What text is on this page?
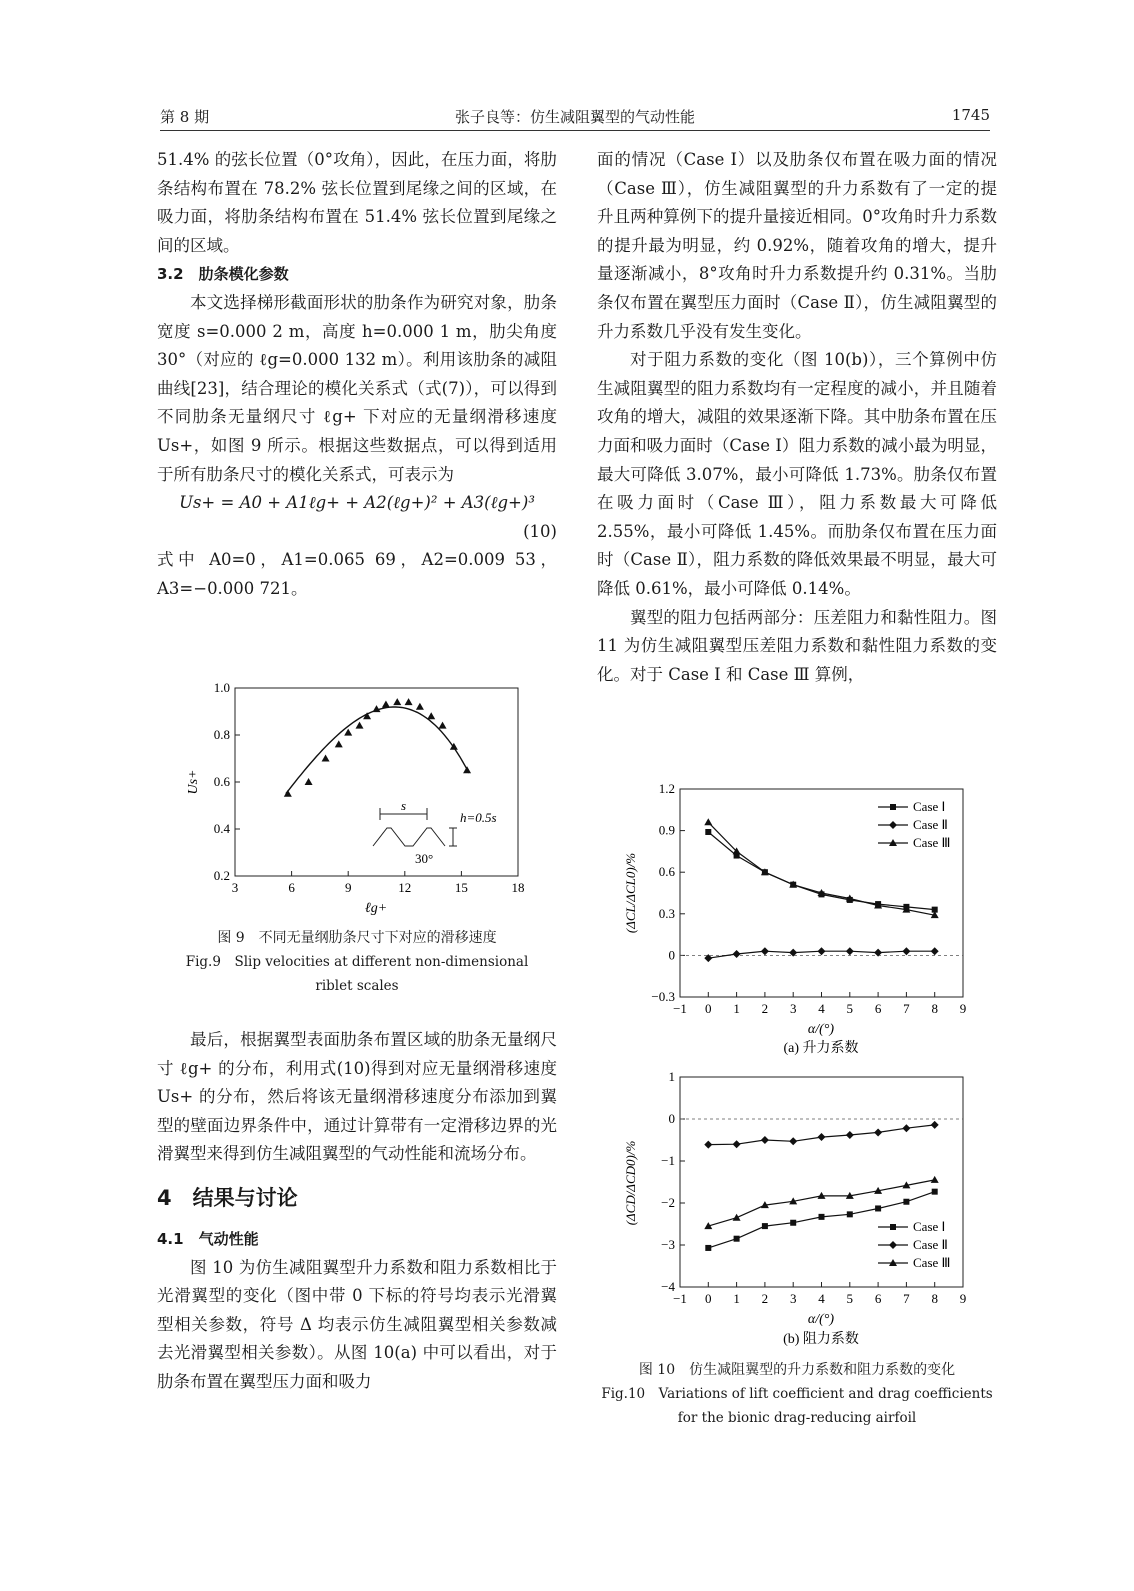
第 8 期	张子良等：仿生减阻翼型的气动性能	1745

51.4% 的弦长位置（0°攻角），因此，在压力面，将肋条结构布置在 78.2% 弦长位置到尾缘之间的区域，在吸力面，将肋条结构布置在 51.4% 弦长位置到尾缘之间的区域。

3.2　肋条模化参数

本文选择梯形截面形状的肋条作为研究对象，肋条宽度 s=0.000 2 m，高度 h=0.000 1 m，肋尖角度 30°（对应的 ℓg=0.000 132 m）。利用该肋条的减阻曲线[23]，结合理论的模化关系式（式(7)），可以得到不同肋条无量纲尺寸 ℓg+ 下对应的无量纲滑移速度 Us+，如图 9 所示。根据这些数据点，可以得到适用于所有肋条尺寸的模化关系式，可表示为

Us+ = A0 + A1ℓg+ + A2(ℓg+)² + A3(ℓg+)³
(10)

式中 A0=0，A1=0.065 69，A2=0.009 53，A3=−0.000 721。

3	6	9	12	15	18
0.2
0.4
0.6
0.8
1.0
Us+
ℓg+
s
h=0.5s
30°
图 9　不同无量纲肋条尺寸下对应的滑移速度
Fig.9　Slip velocities at different non-dimensional
riblet scales

最后，根据翼型表面肋条布置区域的肋条无量纲尺寸 ℓg+ 的分布，利用式(10)得到对应无量纲滑移速度 Us+ 的分布，然后将该无量纲滑移速度分布添加到翼型的壁面边界条件中，通过计算带有一定滑移边界的光滑翼型来得到仿生减阻翼型的气动性能和流场分布。

4　结果与讨论
4.1　气动性能

图 10 为仿生减阻翼型升力系数和阻力系数相比于光滑翼型的变化（图中带 0 下标的符号均表示光滑翼型相关参数，符号 Δ 均表示仿生减阻翼型相关参数减去光滑翼型相关参数）。从图 10(a) 中可以看出，对于肋条布置在翼型压力面和吸力

面的情况（Case Ⅰ）以及肋条仅布置在吸力面的情况（Case Ⅲ），仿生减阻翼型的升力系数有了一定的提升且两种算例下的提升量接近相同。0°攻角时升力系数的提升最为明显，约 0.92%，随着攻角的增大，提升量逐渐减小，8°攻角时升力系数提升约 0.31%。当肋条仅布置在翼型压力面时（Case Ⅱ），仿生减阻翼型的升力系数几乎没有发生变化。

对于阻力系数的变化（图 10(b)），三个算例中仿生减阻翼型的阻力系数均有一定程度的减小，并且随着攻角的增大，减阻的效果逐渐下降。其中肋条布置在压力面和吸力面时（Case Ⅰ）阻力系数的减小最为明显，最大可降低 3.07%，最小可降低 1.73%。肋条仅布置在吸力面时（Case Ⅲ），阻力系数最大可降低 2.55%，最小可降低 1.45%。而肋条仅布置在压力面时（Case Ⅱ），阻力系数的降低效果最不明显，最大可降低 0.61%，最小可降低 0.14%。

翼型的阻力包括两部分：压差阻力和黏性阻力。图 11 为仿生减阻翼型压差阻力系数和黏性阻力系数的变化。对于 Case Ⅰ 和 Case Ⅲ 算例，

−1 0 1 2 3 4 5 6 7 8 9
−0.3
0
0.3
0.6
0.9
1.2
Case Ⅰ
Case Ⅱ
Case Ⅲ
(ΔCL/ΔCL0)/%
α/(°)
(a) 升力系数
−1 0 1 2 3 4 5 6 7 8 9
−4
−3
−2
−1
0
1
Case Ⅰ
Case Ⅱ
Case Ⅲ
(ΔCD/ΔCD0)/%
α/(°)
(b) 阻力系数
图 10　仿生减阻翼型的升力系数和阻力系数的变化
Fig.10　Variations of lift coefficient and drag coefficients
for the bionic drag-reducing airfoil
